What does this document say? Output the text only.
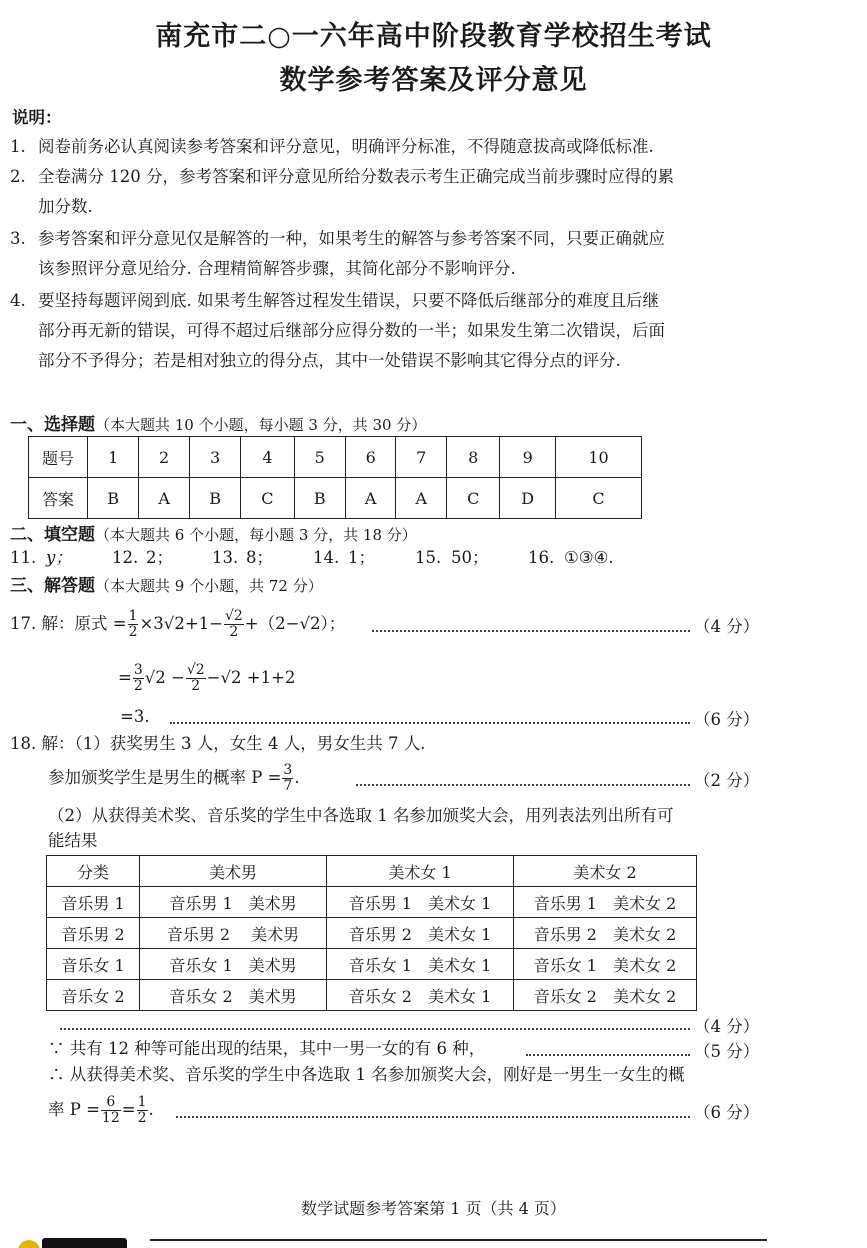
南充市二○一六年高中阶段教育学校招生考试
数学参考答案及评分意见
说明：
1. 阅卷前务必认真阅读参考答案和评分意见，明确评分标准，不得随意拔高或降低标准.
2. 全卷满分 120 分，参考答案和评分意见所给分数表示考生正确完成当前步骤时应得的累
加分数.
3. 参考答案和评分意见仅是解答的一种，如果考生的解答与参考答案不同，只要正确就应
该参照评分意见给分. 合理精简解答步骤，其简化部分不影响评分.
4. 要坚持每题评阅到底. 如果考生解答过程发生错误，只要不降低后继部分的难度且后继
部分再无新的错误，可得不超过后继部分应得分数的一半；如果发生第二次错误，后面
部分不予得分；若是相对独立的得分点，其中一处错误不影响其它得分点的评分.
一、选择题（本大题共 10 个小题，每小题 3 分，共 30 分）
题号	1	2	3	4	5	6	7	8	9	10
答案	B	A	B	C	B	A	A	C	D	C
二、填空题（本大题共 6 个小题，每小题 3 分，共 18 分）
11. y； 12. 2； 13. 8； 14. 1； 15. 50； 16. ①③④.
三、解答题（本大题共 9 个小题，共 72 分）
17. 解：原式 = $\frac{1}{2} \times 3√2+1- \frac{√2}{2} +(2-√2)$；	（4 分）
= $\frac{3}{2} √2 - \frac{√2}{2} -√2 +1+2$
=3.	（6 分）
18. 解：（1）获奖男生 3 人，女生 4 人，男女生共 7 人.
参加颁奖学生是男生的概率 $P = \frac{3}{7}$ .	（2 分）
（2）从获得美术奖、音乐奖的学生中各选取 1 名参加颁奖大会，用列表法列出所有可
能结果
分类	美术男	美术女 1	美术女 2
音乐男 1	音乐男 1　美术男	音乐男 1　美术女 1	音乐男 1　美术女 2
音乐男 2	音乐男 2　 美术男	音乐男 2　美术女 1	音乐男 2　美术女 2
音乐女 1	音乐女 1　美术男	音乐女 1　美术女 1	音乐女 1　美术女 2
音乐女 2	音乐女 2　美术男	音乐女 2　美术女 1	音乐女 2　美术女 2
（4 分）
∵ 共有 12 种等可能出现的结果，其中一男一女的有 6 种，	（5 分）
∴ 从获得美术奖、音乐奖的学生中各选取 1 名参加颁奖大会，刚好是一男生一女生的概
率 $P = \frac{6}{12} = \frac{1}{2}$ .	（6 分）
数学试题参考答案第 1 页（共 4 页）
